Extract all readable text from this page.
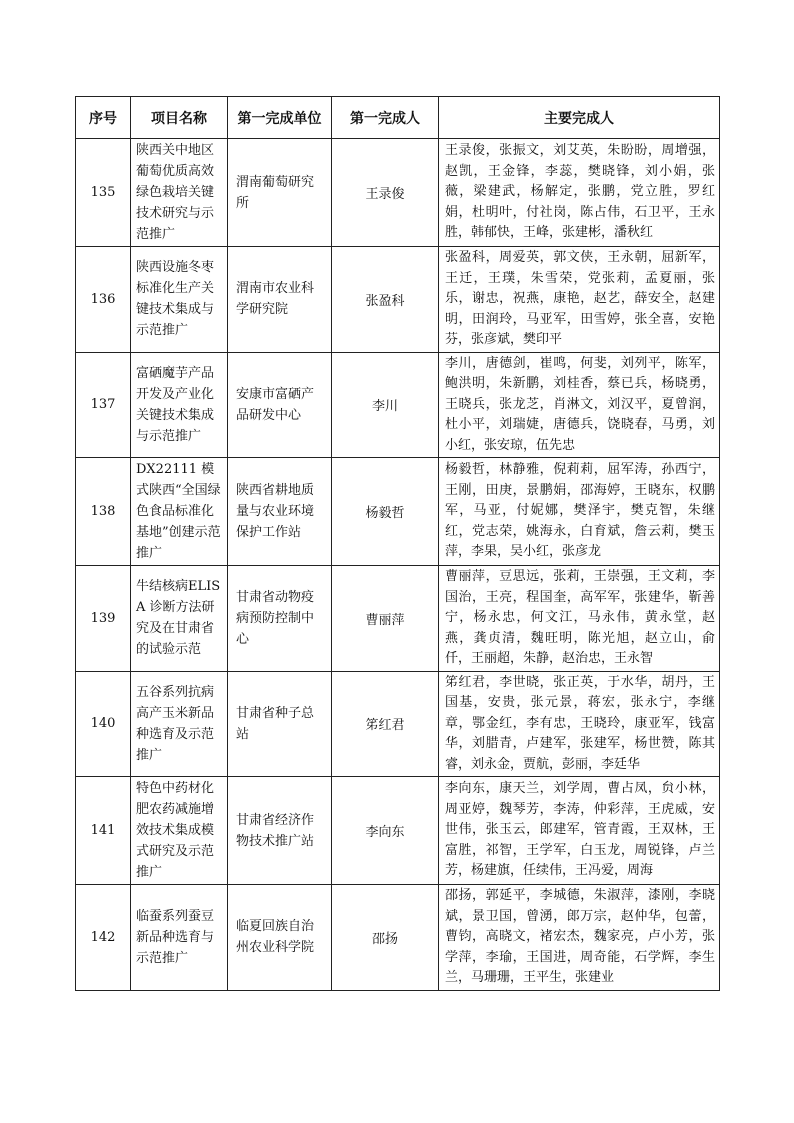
序号	项目名称	第一完成单位	第一完成人	主要完成人
135	陕西关中地区葡萄优质高效绿色栽培关键技术研究与示范推广	渭南葡萄研究所	王录俊	王录俊，张振文，刘艾英，朱盼盼，周增强，赵凯，王金锋，李蕊，樊晓锋，刘小娟，张薇，梁建武，杨解定，张鹏，党立胜，罗红娟，杜明叶，付社岗，陈占伟，石卫平，王永胜，韩郁快，王峰，张建彬，潘秋红
136	陕西设施冬枣标准化生产关键技术集成与示范推广	渭南市农业科学研究院	张盈科	张盈科，周爱英，郭文侠，王永朝，屈新军，王迁，王璞，朱雪荣，党张莉，孟夏丽，张乐，谢忠，祝燕，康艳，赵艺，薛安全，赵建明，田润玲，马亚军，田雪婷，张全喜，安艳芬，张彦斌，樊印平
137	富硒魔芋产品开发及产业化关键技术集成与示范推广	安康市富硒产品研发中心	李川	李川，唐德剑，崔鸣，何斐，刘列平，陈军，鲍洪明，朱新鹏，刘桂香，蔡已兵，杨晓勇，王晓兵，张龙芝，肖淋文，刘汉平，夏曾润，杜小平，刘瑞婕，唐德兵，饶晓春，马勇，刘小红，张安琼，伍先忠
138	DX22111 模式陕西“全国绿色食品标准化基地”创建示范推广	陕西省耕地质量与农业环境保护工作站	杨毅哲	杨毅哲，林静雅，倪莉莉，屈军涛，孙西宁，王刚，田庚，景鹏娟，邵海婷，王晓东，权鹏军，马亚，付妮娜，樊泽宇，樊克智，朱继红，党志荣，姚海永，白育斌，詹云莉，樊玉萍，李果，吴小红，张彦龙
139	牛结核病ELISA 诊断方法研究及在甘肃省的试验示范	甘肃省动物疫病预防控制中心	曹丽萍	曹丽萍，豆思远，张莉，王崇强，王文莉，李国治，王亮，程国奎，高军军，张建华，靳善宁，杨永忠，何文江，马永伟，黄永堂，赵燕，龚贞清，魏旺明，陈光旭，赵立山，俞仟，王丽超，朱静，赵治忠，王永智
140	五谷系列抗病高产玉米新品种选育及示范推广	甘肃省种子总站	笫红君	笫红君，李世晓，张正英，于水华，胡丹，王国基，安贵，张元景，蒋宏，张永宁，李继章，鄂金红，李有忠，王晓玲，康亚军，钱富华，刘腊青，卢建军，张建军，杨世赞，陈其睿，刘永金，贾航，彭丽，李廷华
141	特色中药材化肥农药减施增效技术集成模式研究及示范推广	甘肃省经济作物技术推广站	李向东	李向东，康天兰，刘学周，曹占凤，贠小林，周亚婷，魏琴芳，李涛，仲彩萍，王虎威，安世伟，张玉云，郎建军，管青霞，王双林，王富胜，祁智，王学军，白玉龙，周锐锋，卢兰芳，杨建旗，任续伟，王冯爱，周海
142	临蚕系列蚕豆新品种选育与示范推广	临夏回族自治州农业科学院	邵扬	邵扬，郭延平，李城德，朱淑萍，漆刚，李晓斌，景卫国，曾湧，郎万宗，赵仲华，包蕾，曹钧，高晓文，褚宏杰，魏家亮，卢小芳，张学萍，李瑜，王国进，周奇能，石学辉，李生兰，马珊珊，王平生，张建业
